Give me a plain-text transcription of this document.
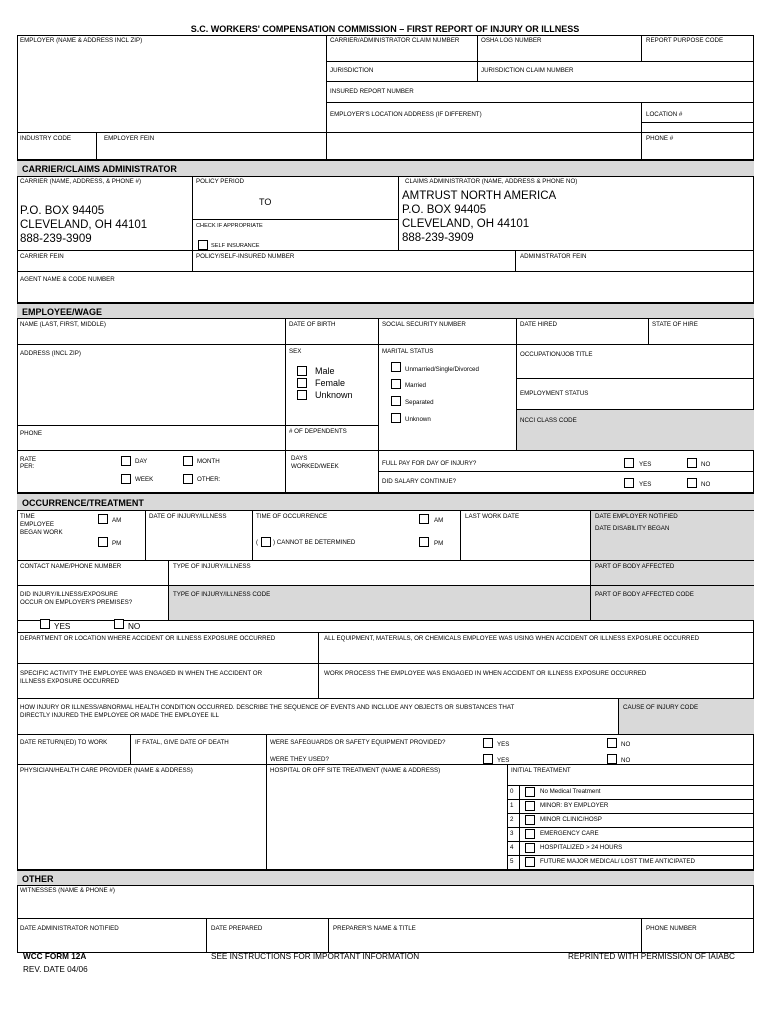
S.C. WORKERS' COMPENSATION COMMISSION – FIRST REPORT OF INJURY OR ILLNESS
EMPLOYER (NAME & ADDRESS INCL ZIP)	CARRIER/ADMINISTRATOR CLAIM NUMBER	OSHA LOG NUMBER	REPORT PURPOSE CODE
JURISDICTION	JURISDICTION CLAIM NUMBER
INSURED REPORT NUMBER
EMPLOYER'S LOCATION ADDRESS (IF DIFFERENT)	LOCATION #
INDUSTRY CODE	EMPLOYER FEIN	PHONE #
CARRIER/CLAIMS ADMINISTRATOR
CARRIER (NAME, ADDRESS, & PHONE #)
P.O. BOX 94405
CLEVELAND, OH 44101
888-239-3909
POLICY PERIOD
TO
CHECK IF APPROPRIATE
SELF INSURANCE
CLAIMS ADMINISTRATOR (NAME, ADDRESS & PHONE NO)
AMTRUST NORTH AMERICA
P.O. BOX 94405
CLEVELAND, OH 44101
888-239-3909
CARRIER FEIN	POLICY/SELF-INSURED NUMBER	ADMINISTRATOR FEIN
AGENT NAME & CODE NUMBER
EMPLOYEE/WAGE
NAME (LAST, FIRST, MIDDLE)	DATE OF BIRTH	SOCIAL SECURITY NUMBER	DATE HIRED	STATE OF HIRE
ADDRESS (INCL ZIP)	SEX
Male
Female
Unknown
MARITAL STATUS
Unmarried/Single/Divorced
Married
Separated
Unknown
OCCUPATION/JOB TITLE
EMPLOYMENT STATUS
NCCI CLASS CODE
PHONE	# OF DEPENDENTS
RATE
PER:
DAY
WEEK
MONTH
OTHER:
DAYS
WORKED/WEEK	FULL PAY FOR DAY OF INJURY?
DID SALARY CONTINUE?
YES	NO
YES	NO
OCCURRENCE/TREATMENT
TIME
EMPLOYEE
BEGAN WORK
AM
PM
DATE OF INJURY/ILLNESS	TIME OF OCCURRENCE
AM
PM
( ) CANNOT BE DETERMINED
LAST WORK DATE	DATE EMPLOYER NOTIFIED
DATE DISABILITY BEGAN
CONTACT NAME/PHONE NUMBER	TYPE OF INJURY/ILLNESS	PART OF BODY AFFECTED
DID INJURY/ILLNESS/EXPOSURE
OCCUR ON EMPLOYER'S PREMISES?
TYPE OF INJURY/ILLNESS CODE	PART OF BODY AFFECTED CODE
YES	NO
DEPARTMENT OR LOCATION WHERE ACCIDENT OR ILLNESS EXPOSURE OCCURRED	ALL EQUIPMENT, MATERIALS, OR CHEMICALS EMPLOYEE WAS USING WHEN ACCIDENT OR ILLNESS EXPOSURE OCCURRED
SPECIFIC ACTIVITY THE EMPLOYEE WAS ENGAGED IN WHEN THE ACCIDENT OR
ILLNESS EXPOSURE OCCURRED
WORK PROCESS THE EMPLOYEE WAS ENGAGED IN WHEN ACCIDENT OR ILLNESS EXPOSURE OCCURRED
HOW INJURY OR ILLNESS/ABNORMAL HEALTH CONDITION OCCURRED. DESCRIBE THE SEQUENCE OF EVENTS AND INCLUDE ANY OBJECTS OR SUBSTANCES THAT
DIRECTLY INJURED THE EMPLOYEE OR MADE THE EMPLOYEE ILL
CAUSE OF INJURY CODE
DATE RETURN(ED) TO WORK	IF FATAL, GIVE DATE OF DEATH	WERE SAFEGUARDS OR SAFETY EQUIPMENT PROVIDED?	YES	NO
WERE THEY USED?	YES	NO
PHYSICIAN/HEALTH CARE PROVIDER (NAME & ADDRESS)	HOSPITAL OR OFF SITE TREATMENT (NAME & ADDRESS)	INITIAL TREATMENT
0	No Medical Treatment
1	MINOR: BY EMPLOYER
2	MINOR CLINIC/HOSP
3	EMERGENCY CARE
4	HOSPITALIZED > 24 HOURS
5	FUTURE MAJOR MEDICAL/ LOST TIME ANTICIPATED
OTHER
WITNESSES (NAME & PHONE #)
DATE ADMINISTRATOR NOTIFIED	DATE PREPARED	PREPARER'S NAME & TITLE	PHONE NUMBER
WCC FORM 12A
REV. DATE 04/06
SEE INSTRUCTIONS FOR IMPORTANT INFORMATION	REPRINTED WITH PERMISSION OF IAIABC
